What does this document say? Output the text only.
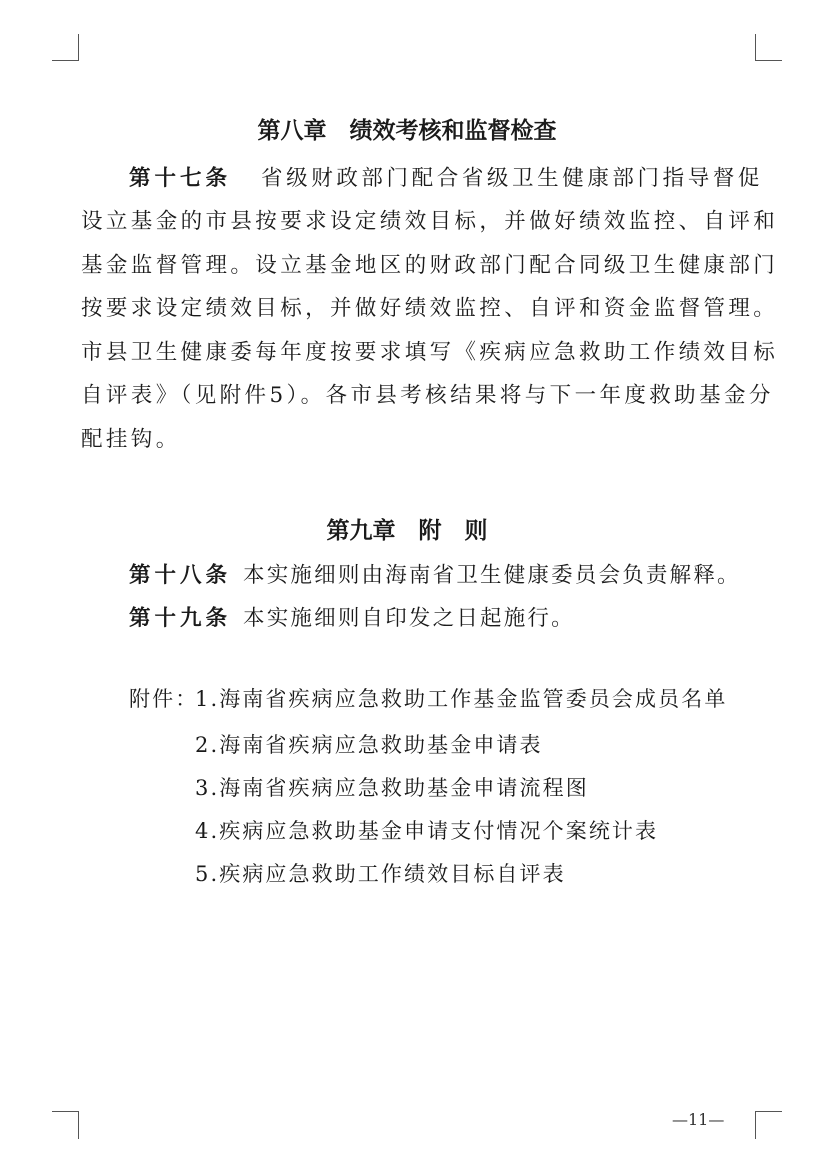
第八章　绩效考核和监督检查
第十七条 省级财政部门配合省级卫生健康部门指导督促
设立基金的市县按要求设定绩效目标，并做好绩效监控、自评和
基金监督管理。设立基金地区的财政部门配合同级卫生健康部门
按要求设定绩效目标，并做好绩效监控、自评和资金监督管理。
市县卫生健康委每年度按要求填写《疾病应急救助工作绩效目标
自评表》（见附件5）。各市县考核结果将与下一年度救助基金分
配挂钩。
第九章　附　则
第十八条 本实施细则由海南省卫生健康委员会负责解释。
第十九条 本实施细则自印发之日起施行。
附件：
1.海南省疾病应急救助工作基金监管委员会成员名单
2.海南省疾病应急救助基金申请表
3.海南省疾病应急救助基金申请流程图
4.疾病应急救助基金申请支付情况个案统计表
5.疾病应急救助工作绩效目标自评表
—11—
